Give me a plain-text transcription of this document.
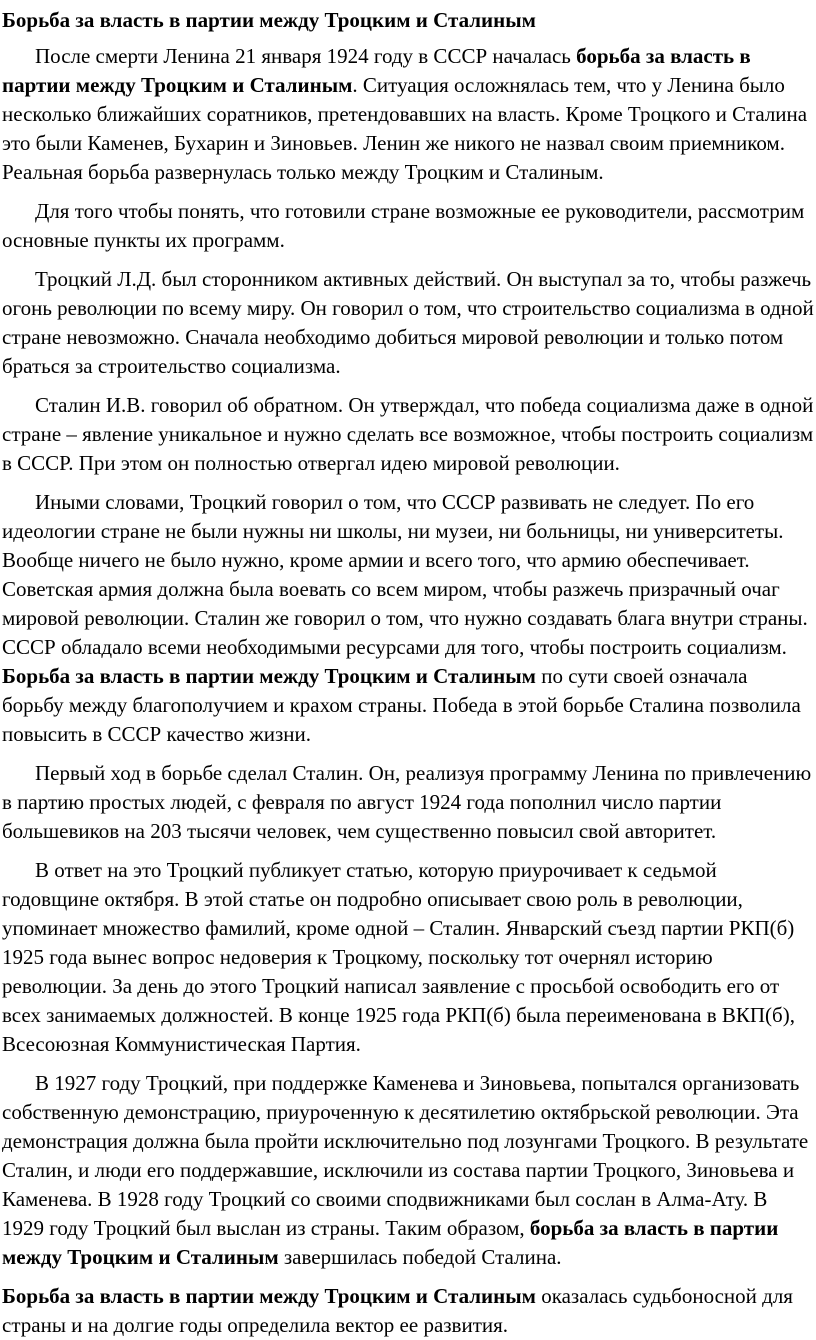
Борьба за власть в партии между Троцким и Сталиным

После смерти Ленина 21 января 1924 году в СССР началась борьба за власть в партии между Троцким и Сталиным. Ситуация осложнялась тем, что у Ленина было несколько ближайших соратников, претендовавших на власть. Кроме Троцкого и Сталина это были Каменев, Бухарин и Зиновьев. Ленин же никого не назвал своим приемником. Реальная борьба развернулась только между Троцким и Сталиным.

Для того чтобы понять, что готовили стране возможные ее руководители, рассмотрим основные пункты их программ.

Троцкий Л.Д. был сторонником активных действий. Он выступал за то, чтобы разжечь огонь революции по всему миру. Он говорил о том, что строительство социализма в одной стране невозможно. Сначала необходимо добиться мировой революции и только потом браться за строительство социализма.

Сталин И.В. говорил об обратном. Он утверждал, что победа социализма даже в одной стране – явление уникальное и нужно сделать все возможное, чтобы построить социализм в СССР. При этом он полностью отвергал идею мировой революции.

Иными словами, Троцкий говорил о том, что СССР развивать не следует. По его идеологии стране не были нужны ни школы, ни музеи, ни больницы, ни университеты. Вообще ничего не было нужно, кроме армии и всего того, что армию обеспечивает. Советская армия должна была воевать со всем миром, чтобы разжечь призрачный очаг мировой революции. Сталин же говорил о том, что нужно создавать блага внутри страны. СССР обладало всеми необходимыми ресурсами для того, чтобы построить социализм. Борьба за власть в партии между Троцким и Сталиным по сути своей означала борьбу между благополучием и крахом страны. Победа в этой борьбе Сталина позволила повысить в СССР качество жизни.

Первый ход в борьбе сделал Сталин. Он, реализуя программу Ленина по привлечению в партию простых людей, с февраля по август 1924 года пополнил число партии большевиков на 203 тысячи человек, чем существенно повысил свой авторитет.

В ответ на это Троцкий публикует статью, которую приурочивает к седьмой годовщине октября. В этой статье он подробно описывает свою роль в революции, упоминает множество фамилий, кроме одной – Сталин. Январский съезд партии РКП(б) 1925 года вынес вопрос недоверия к Троцкому, поскольку тот очернял историю революции. За день до этого Троцкий написал заявление с просьбой освободить его от всех занимаемых должностей. В конце 1925 года РКП(б) была переименована в ВКП(б), Всесоюзная Коммунистическая Партия.

В 1927 году Троцкий, при поддержке Каменева и Зиновьева, попытался организовать собственную демонстрацию, приуроченную к десятилетию октябрьской революции. Эта демонстрация должна была пройти исключительно под лозунгами Троцкого. В результате Сталин, и люди его поддержавшие, исключили из состава партии Троцкого, Зиновьева и Каменева. В 1928 году Троцкий со своими сподвижниками был сослан в Алма-Ату. В 1929 году Троцкий был выслан из страны. Таким образом, борьба за власть в партии между Троцким и Сталиным завершилась победой Сталина.

Борьба за власть в партии между Троцким и Сталиным оказалась судьбоносной для страны и на долгие годы определила вектор ее развития.
